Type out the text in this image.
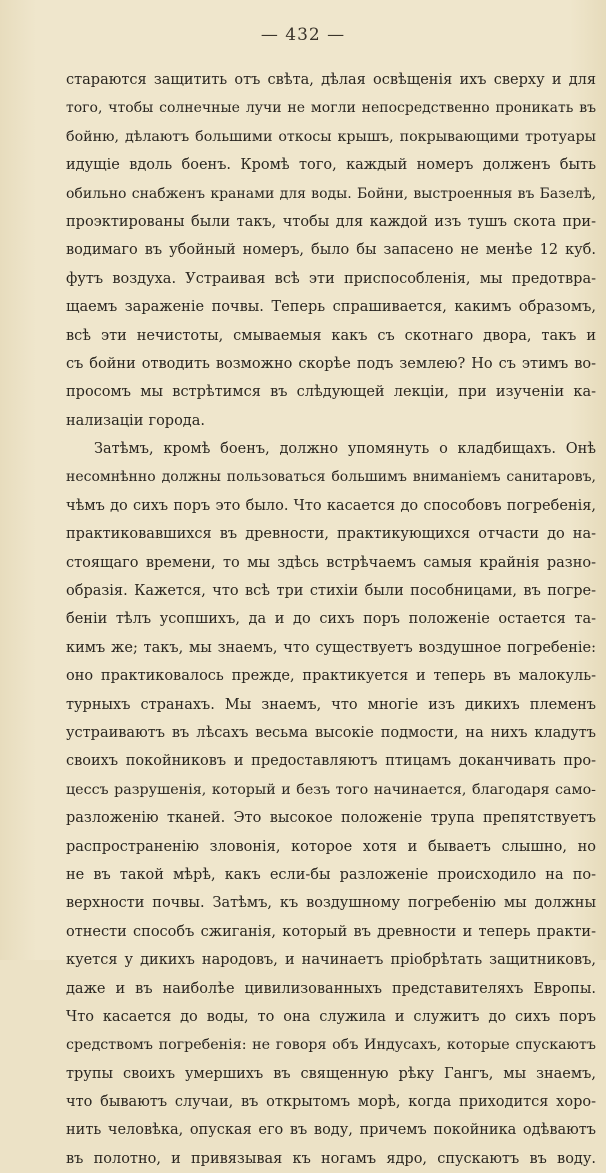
— 432 —
стараются защитить отъ свѣта, дѣлая освѣщенія ихъ сверху и для
того, чтобы солнечные лучи не могли непосредственно проникать въ
бойню, дѣлаютъ большими откосы крышъ, покрывающими тротуары
идущіе вдоль боенъ. Кромѣ того, каждый номеръ долженъ быть
обильно снабженъ кранами для воды. Бойни, выстроенныя въ Базелѣ,
проэктированы были такъ, чтобы для каждой изъ тушъ скота при-
водимаго въ убойный номеръ, было бы запасено не менѣе 12 куб.
футъ воздуха. Устраивая всѣ эти приспособленія, мы предотвра-
щаемъ зараженіе почвы. Теперь спрашивается, какимъ образомъ,
всѣ эти нечистоты, смываемыя какъ съ скотнаго двора, такъ и
съ бойни отводить возможно скорѣе подъ землею? Но съ этимъ во-
просомъ мы встрѣтимся въ слѣдующей лекціи, при изученіи ка-
нализаціи города.
Затѣмъ, кромѣ боенъ, должно упомянуть о кладбищахъ. Онѣ
несомнѣнно должны пользоваться большимъ вниманіемъ санитаровъ,
чѣмъ до сихъ поръ это было. Что касается до способовъ погребенія,
практиковавшихся въ древности, практикующихся отчасти до на-
стоящаго времени, то мы здѣсь встрѣчаемъ самыя крайнія разно-
образія. Кажется, что всѣ три стихіи были пособницами, въ погре-
беніи тѣлъ усопшихъ, да и до сихъ поръ положеніе остается та-
кимъ же; такъ, мы знаемъ, что существуетъ воздушное погребеніе:
оно практиковалось прежде, практикуется и теперь въ малокуль-
турныхъ странахъ. Мы знаемъ, что многіе изъ дикихъ племенъ
устраиваютъ въ лѣсахъ весьма высокіе подмости, на нихъ кладутъ
своихъ покойниковъ и предоставляютъ птицамъ доканчивать про-
цессъ разрушенія, который и безъ того начинается, благодаря само-
разложенію тканей. Это высокое положеніе трупа препятствуетъ
распространенію зловонія, которое хотя и бываетъ слышно, но
не въ такой мѣрѣ, какъ если-бы разложеніе происходило на по-
верхности почвы. Затѣмъ, къ воздушному погребенію мы должны
отнести способъ сжиганія, который въ древности и теперь практи-
куется у дикихъ народовъ, и начинаетъ пріобрѣтать защитниковъ,
даже и въ наиболѣе цивилизованныхъ представителяхъ Европы.
Что касается до воды, то она служила и служитъ до сихъ поръ
средствомъ погребенія: не говоря объ Индусахъ, которые спускаютъ
трупы своихъ умершихъ въ священную рѣку Гангъ, мы знаемъ,
что бываютъ случаи, въ открытомъ морѣ, когда приходится хоро-
нить человѣка, опуская его въ воду, причемъ покойника одѣваютъ
въ полотно, и привязывая къ ногамъ ядро, спускаютъ въ воду.
